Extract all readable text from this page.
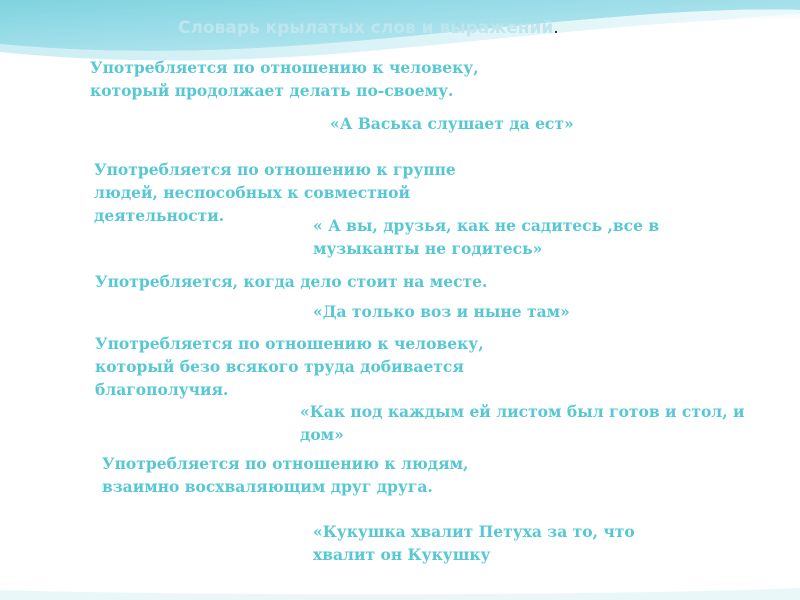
Словарь крылатых слов и выражений.
Употребляется по отношению к человеку,
который продолжает делать по-своему.
«А Васька слушает да ест»
Употребляется по отношению к группе
людей, неспособных к совместной
деятельности.
« А вы, друзья, как не садитесь ,все в
музыканты не годитесь»
Употребляется, когда дело стоит на месте.
«Да только воз и ныне там»
Употребляется по отношению к человеку,
который безо всякого труда добивается
благополучия.
«Как под каждым ей листом был готов и стол, и
дом»
Употребляется по отношению к людям,
взаимно восхваляющим друг друга.
«Кукушка хвалит Петуха за то, что
хвалит он Кукушку
